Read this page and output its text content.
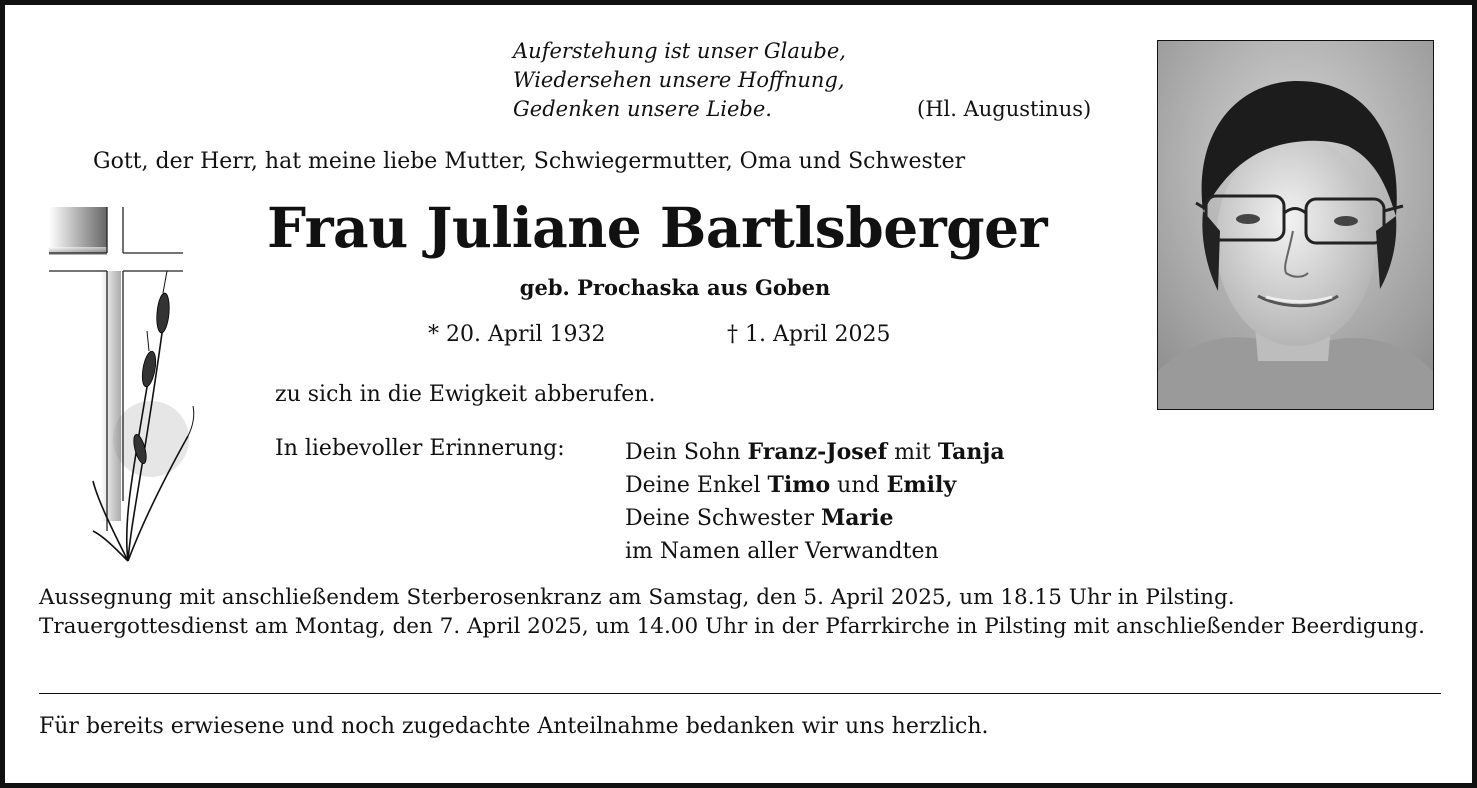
Auferstehung ist unser Glaube,
Wiedersehen unsere Hoffnung,
Gedenken unsere Liebe.	(Hl. Augustinus)
Gott, der Herr, hat meine liebe Mutter, Schwiegermutter, Oma und Schwester
Frau Juliane Bartlsberger
geb. Prochaska aus Goben
* 20. April 1932	† 1. April 2025
zu sich in die Ewigkeit abberufen.
In liebevoller Erinnerung:	Dein Sohn Franz-Josef mit Tanja
Deine Enkel Timo und Emily
Deine Schwester Marie
im Namen aller Verwandten

Aussegnung mit anschließendem Sterberosenkranz am Samstag, den 5. April 2025, um 18.15 Uhr in Pilsting.

Trauergottesdienst am Montag, den 7. April 2025, um 14.00 Uhr in der Pfarrkirche in Pilsting mit anschließender Beerdigung.

Für bereits erwiesene und noch zugedachte Anteilnahme bedanken wir uns herzlich.
